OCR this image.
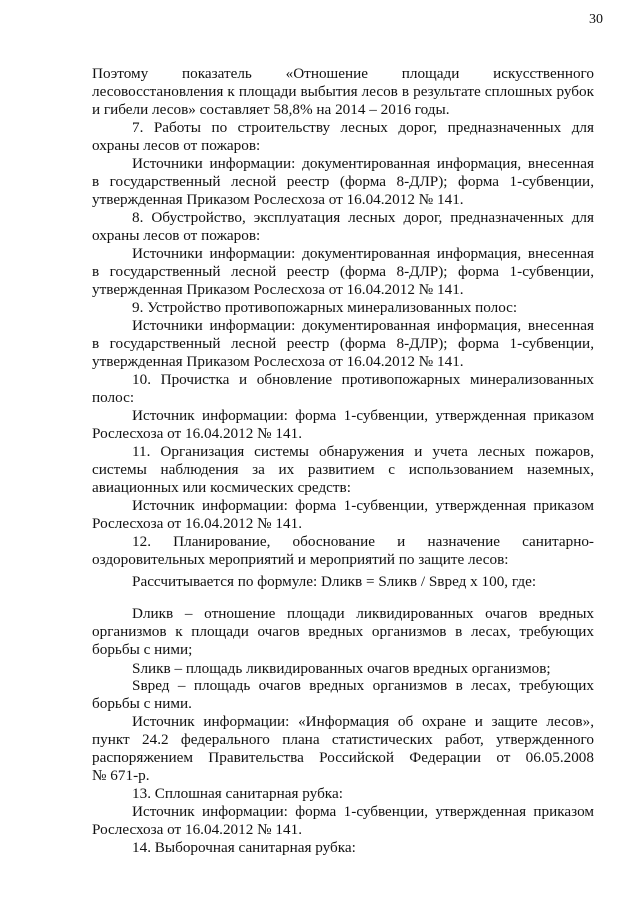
30
Поэтому показатель «Отношение площади искусственного
лесовосстановления к площади выбытия лесов в результате сплошных рубок
и гибели лесов» составляет 58,8% на 2014 – 2016 годы.
7. Работы по строительству лесных дорог, предназначенных для
охраны лесов от пожаров:
Источники информации: документированная информация, внесенная
в государственный лесной реестр (форма 8-ДЛР); форма 1-субвенции,
утвержденная Приказом Рослесхоза от 16.04.2012 № 141.
8. Обустройство, эксплуатация лесных дорог, предназначенных для
охраны лесов от пожаров:
Источники информации: документированная информация, внесенная
в государственный лесной реестр (форма 8-ДЛР); форма 1-субвенции,
утвержденная Приказом Рослесхоза от 16.04.2012 № 141.
9. Устройство противопожарных минерализованных полос:
Источники информации: документированная информация, внесенная
в государственный лесной реестр (форма 8-ДЛР); форма 1-субвенции,
утвержденная Приказом Рослесхоза от 16.04.2012 № 141.
10. Прочистка и обновление противопожарных минерализованных
полос:
Источник информации: форма 1-субвенции, утвержденная приказом
Рослесхоза от 16.04.2012 № 141.
11. Организация системы обнаружения и учета лесных пожаров,
системы наблюдения за их развитием с использованием наземных,
авиационных или космических средств:
Источник информации: форма 1-субвенции, утвержденная приказом
Рослесхоза от 16.04.2012 № 141.
12. Планирование, обоснование и назначение санитарно-
оздоровительных мероприятий и мероприятий по защите лесов:
Рассчитывается по формуле: Dликв = Sликв / Sвред х 100, где:
Dликв – отношение площади ликвидированных очагов вредных
организмов к площади очагов вредных организмов в лесах, требующих
борьбы с ними;
Sликв – площадь ликвидированных очагов вредных организмов;
Sвред – площадь очагов вредных организмов в лесах, требующих
борьбы с ними.
Источник информации: «Информация об охране и защите лесов»,
пункт 24.2 федерального плана статистических работ, утвержденного
распоряжением Правительства Российской Федерации от 06.05.2008
№ 671-р.
13. Сплошная санитарная рубка:
Источник информации: форма 1-субвенции, утвержденная приказом
Рослесхоза от 16.04.2012 № 141.
14. Выборочная санитарная рубка:
